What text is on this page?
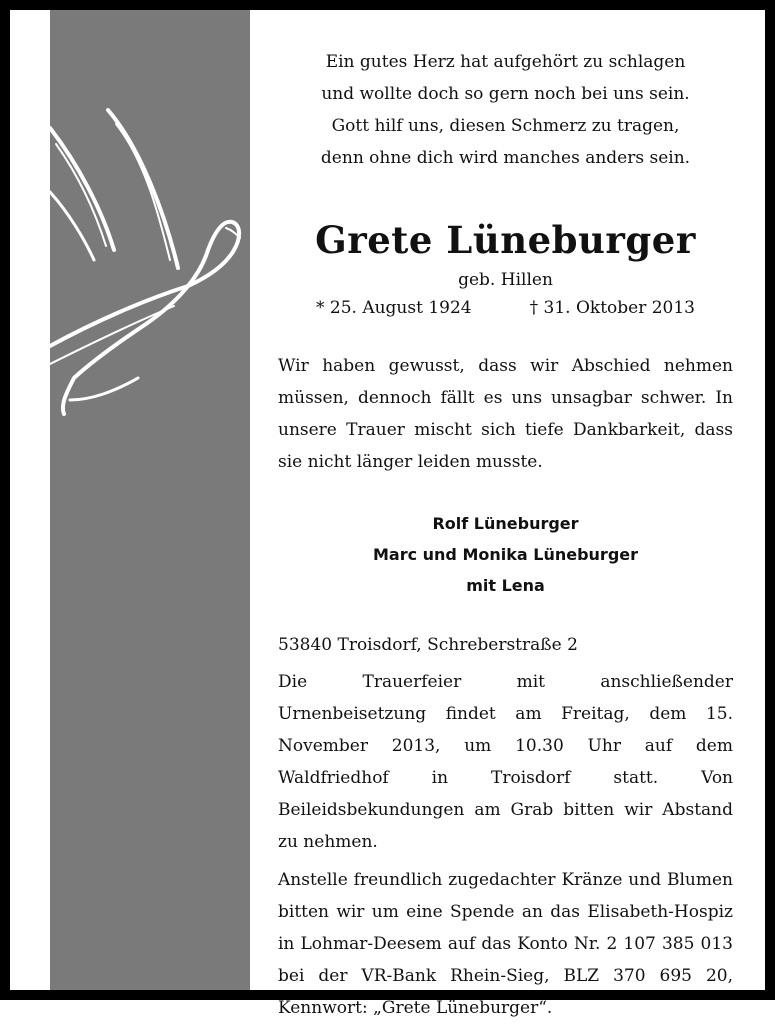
Ein gutes Herz hat aufgehört zu schlagen
und wollte doch so gern noch bei uns sein.
Gott hilf uns, diesen Schmerz zu tragen,
denn ohne dich wird manches anders sein.
Grete Lüneburger
geb. Hillen
* 25. August 1924	† 31. Oktober 2013

Wir haben gewusst, dass wir Abschied nehmen müssen, dennoch fällt es uns unsagbar schwer. In unsere Trauer mischt sich tiefe Dankbarkeit, dass sie nicht länger leiden musste.

Rolf Lüneburger
Marc und Monika Lüneburger
mit Lena

53840 Troisdorf, Schreberstraße 2

Die Trauerfeier mit anschließender Urnenbeisetzung findet am Freitag, dem 15. November 2013, um 10.30 Uhr auf dem Waldfriedhof in Troisdorf statt. Von Beileidsbekundungen am Grab bitten wir Abstand zu nehmen.

Anstelle freundlich zugedachter Kränze und Blumen bitten wir um eine Spende an das Elisabeth-Hospiz in Lohmar-Deesem auf das Konto Nr. 2 107 385 013 bei der VR-Bank Rhein-Sieg, BLZ 370 695 20, Kennwort: „Grete Lüneburger“.
